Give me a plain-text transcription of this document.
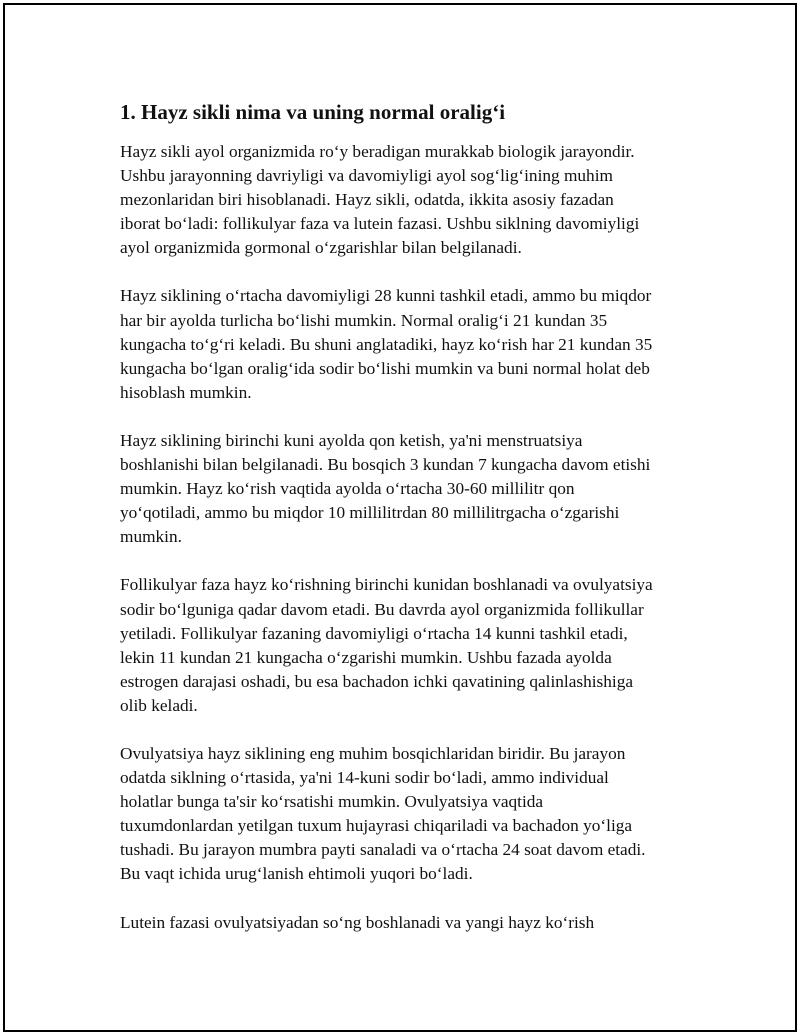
1. Hayz sikli nima va uning normal oralig‘i
Hayz sikli ayol organizmida ro‘y beradigan murakkab biologik jarayondir.
Ushbu jarayonning davriyligi va davomiyligi ayol sog‘lig‘ining muhim
mezonlaridan biri hisoblanadi. Hayz sikli, odatda, ikkita asosiy fazadan
iborat bo‘ladi: follikulyar faza va lutein fazasi. Ushbu siklning davomiyligi
ayol organizmida gormonal o‘zgarishlar bilan belgilanadi.
Hayz siklining o‘rtacha davomiyligi 28 kunni tashkil etadi, ammo bu miqdor
har bir ayolda turlicha bo‘lishi mumkin. Normal oralig‘i 21 kundan 35
kungacha to‘g‘ri keladi. Bu shuni anglatadiki, hayz ko‘rish har 21 kundan 35
kungacha bo‘lgan oralig‘ida sodir bo‘lishi mumkin va buni normal holat deb
hisoblash mumkin.
Hayz siklining birinchi kuni ayolda qon ketish, ya'ni menstruatsiya
boshlanishi bilan belgilanadi. Bu bosqich 3 kundan 7 kungacha davom etishi
mumkin. Hayz ko‘rish vaqtida ayolda o‘rtacha 30-60 millilitr qon
yo‘qotiladi, ammo bu miqdor 10 millilitrdan 80 millilitrgacha o‘zgarishi
mumkin.
Follikulyar faza hayz ko‘rishning birinchi kunidan boshlanadi va ovulyatsiya
sodir bo‘lguniga qadar davom etadi. Bu davrda ayol organizmida follikullar
yetiladi. Follikulyar fazaning davomiyligi o‘rtacha 14 kunni tashkil etadi,
lekin 11 kundan 21 kungacha o‘zgarishi mumkin. Ushbu fazada ayolda
estrogen darajasi oshadi, bu esa bachadon ichki qavatining qalinlashishiga
olib keladi.
Ovulyatsiya hayz siklining eng muhim bosqichlaridan biridir. Bu jarayon
odatda siklning o‘rtasida, ya'ni 14-kuni sodir bo‘ladi, ammo individual
holatlar bunga ta'sir ko‘rsatishi mumkin. Ovulyatsiya vaqtida
tuxumdonlardan yetilgan tuxum hujayrasi chiqariladi va bachadon yo‘liga
tushadi. Bu jarayon mumbra payti sanaladi va o‘rtacha 24 soat davom etadi.
Bu vaqt ichida urug‘lanish ehtimoli yuqori bo‘ladi.
Lutein fazasi ovulyatsiyadan so‘ng boshlanadi va yangi hayz ko‘rish
